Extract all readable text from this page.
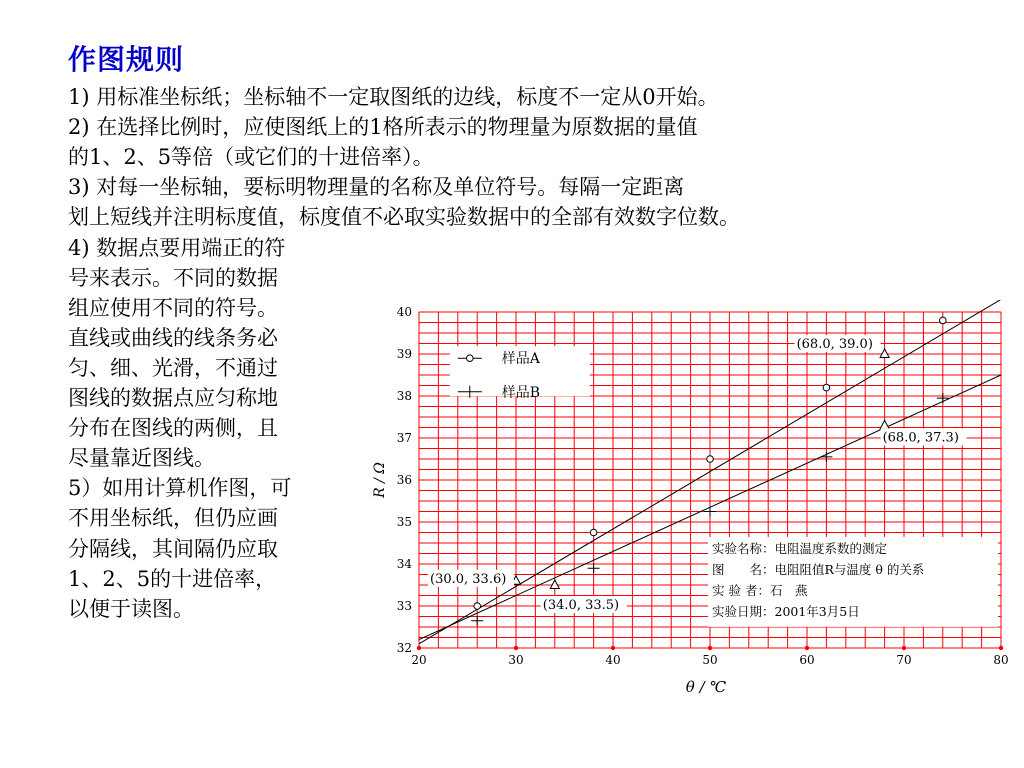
作图规则
1) 用标准坐标纸；坐标轴不一定取图纸的边线，标度不一定从0开始。
2) 在选择比例时，应使图纸上的1格所表示的物理量为原数据的量值
的1、2、5等倍（或它们的十进倍率）。
3) 对每一坐标轴，要标明物理量的名称及单位符号。每隔一定距离
划上短线并注明标度值，标度值不必取实验数据中的全部有效数字位数。
4) 数据点要用端正的符
号来表示。不同的数据
组应使用不同的符号。
直线或曲线的线条务必
匀、细、光滑，不通过
图线的数据点应匀称地
分布在图线的两侧，且
尽量靠近图线。
5）如用计算机作图，可
不用坐标纸，但仍应画
分隔线，其间隔仍应取
1、2、5的十进倍率，
以便于读图。
20	30	40	50	60	70	80
32
33
34
35
36
37
38
39
40
θ / ℃
R / Ω
(68.0, 39.0)
(68.0, 37.3)
(30.0, 33.6)
(34.0, 33.5)
样品A
样品B
实验名称：电阻温度系数的测定
图　　名：电阻阻值R与温度 θ 的关系
实 验 者：石　燕
实验日期：2001年3月5日
